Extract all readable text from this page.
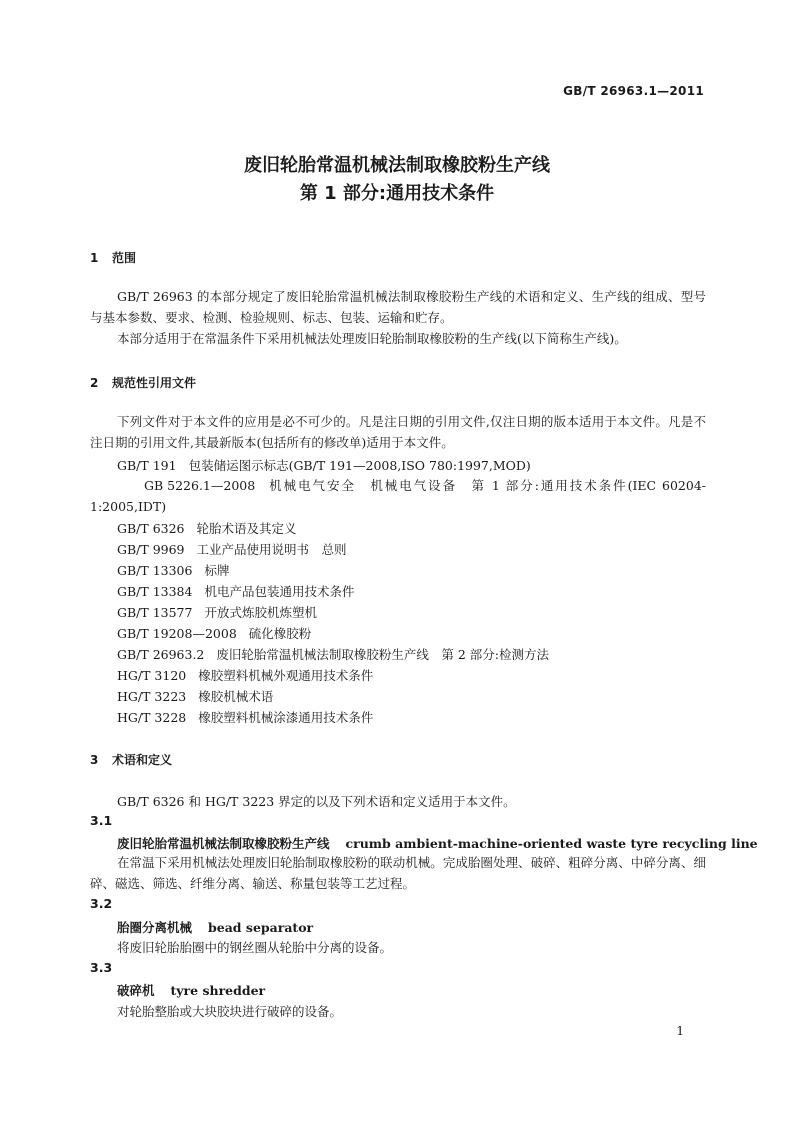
GB/T 26963.1—2011
废旧轮胎常温机械法制取橡胶粉生产线
第 1 部分:通用技术条件
1 范围
GB/T 26963 的本部分规定了废旧轮胎常温机械法制取橡胶粉生产线的术语和定义、生产线的组成、型号与基本参数、要求、检测、检验规则、标志、包装、运输和贮存。
本部分适用于在常温条件下采用机械法处理废旧轮胎制取橡胶粉的生产线(以下简称生产线)。
2 规范性引用文件
下列文件对于本文件的应用是必不可少的。凡是注日期的引用文件,仅注日期的版本适用于本文件。凡是不注日期的引用文件,其最新版本(包括所有的修改单)适用于本文件。
GB/T 191 包装储运图示标志(GB/T 191—2008,ISO 780:1997,MOD)
GB 5226.1—2008 机械电气安全　机械电气设备　第 1 部分:通用技术条件(IEC 60204-1:2005,IDT)
GB/T 6326 轮胎术语及其定义
GB/T 9969 工业产品使用说明书　总则
GB/T 13306 标牌
GB/T 13384 机电产品包装通用技术条件
GB/T 13577 开放式炼胶机炼塑机
GB/T 19208—2008 硫化橡胶粉
GB/T 26963.2 废旧轮胎常温机械法制取橡胶粉生产线　第 2 部分:检测方法
HG/T 3120 橡胶塑料机械外观通用技术条件
HG/T 3223 橡胶机械术语
HG/T 3228 橡胶塑料机械涂漆通用技术条件
3 术语和定义
GB/T 6326 和 HG/T 3223 界定的以及下列术语和定义适用于本文件。
3.1
废旧轮胎常温机械法制取橡胶粉生产线 crumb ambient-machine-oriented waste tyre recycling line
在常温下采用机械法处理废旧轮胎制取橡胶粉的联动机械。完成胎圈处理、破碎、粗碎分离、中碎分离、细碎、磁选、筛选、纤维分离、输送、称量包装等工艺过程。
3.2
胎圈分离机械 bead separator
将废旧轮胎胎圈中的钢丝圈从轮胎中分离的设备。
3.3
破碎机 tyre shredder
对轮胎整胎或大块胶块进行破碎的设备。
1
